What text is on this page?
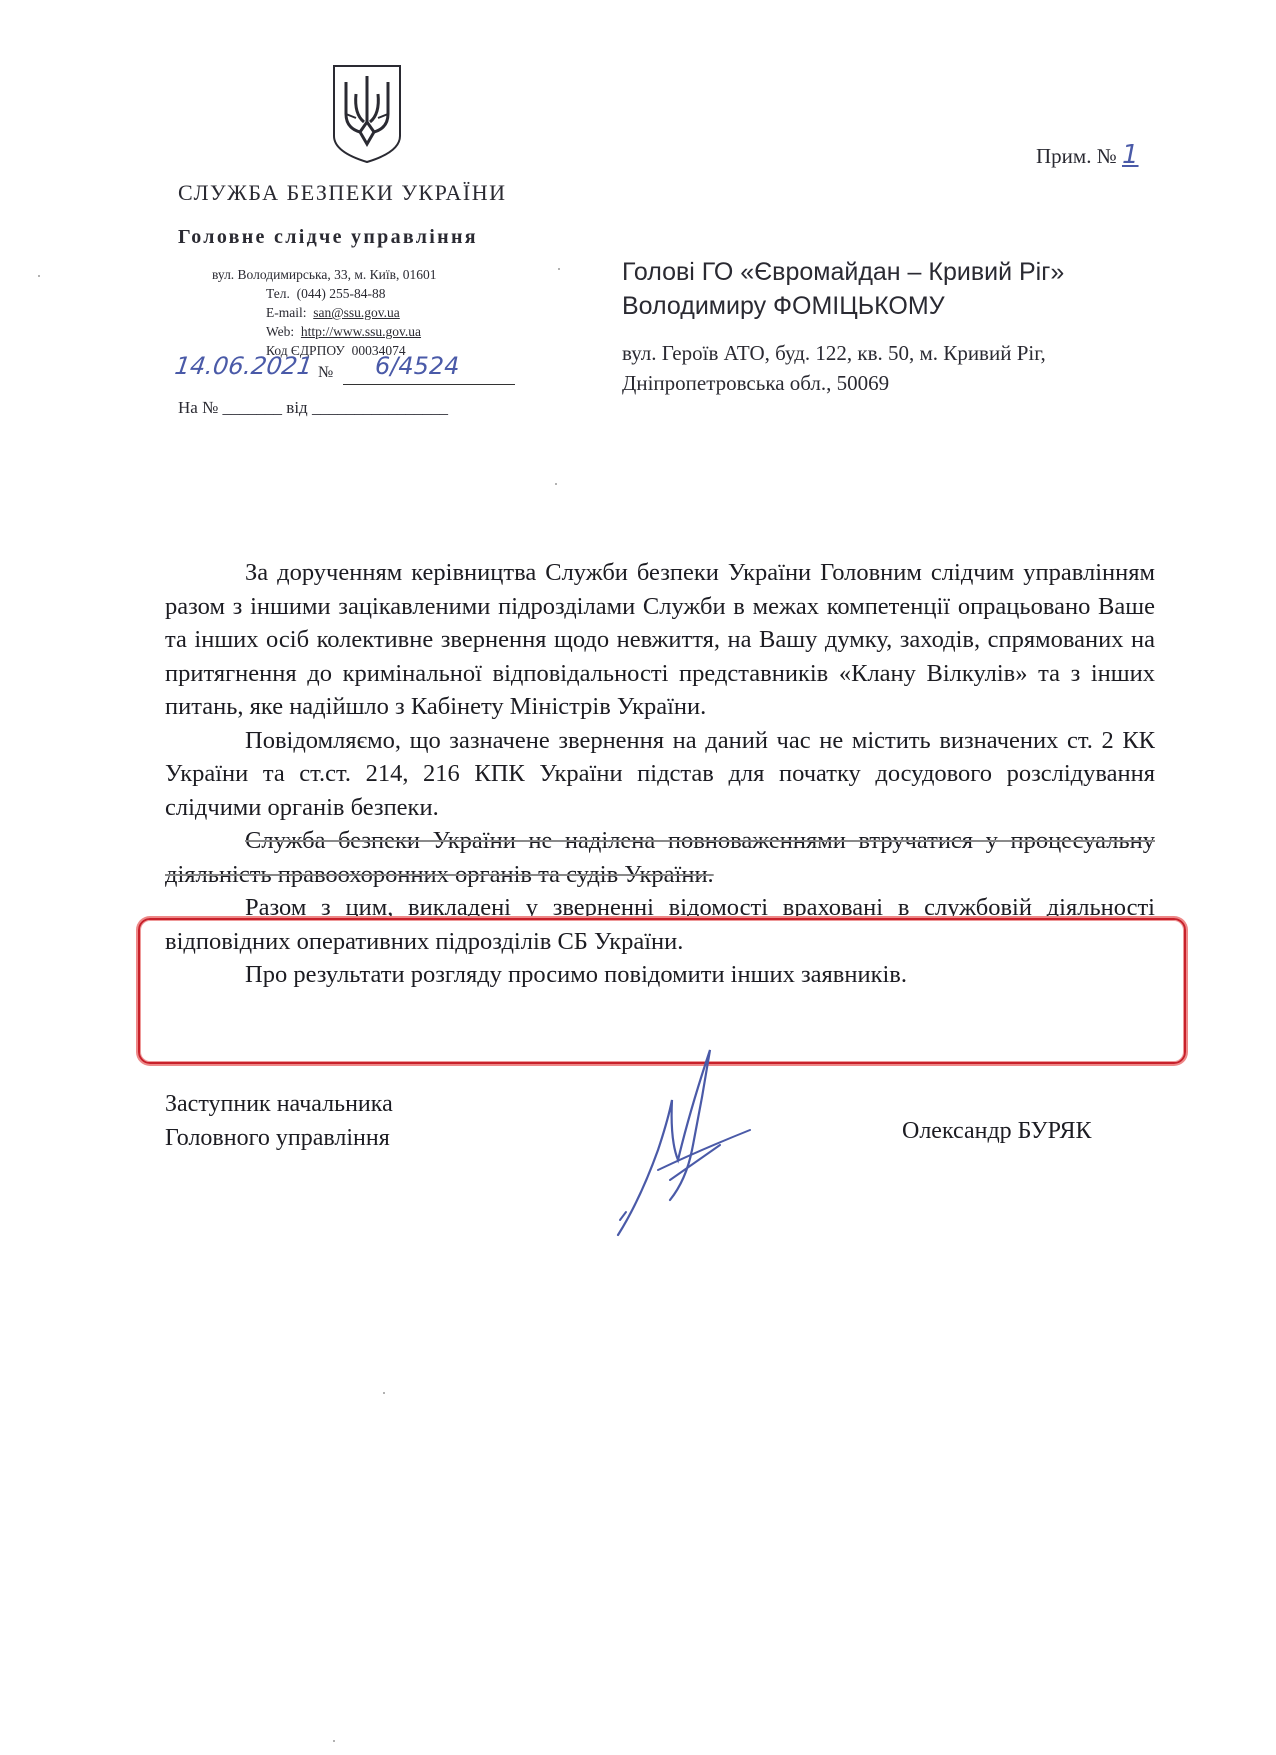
СЛУЖБА БЕЗПЕКИ УКРАЇНИ
Головне слідче управління
вул. Володимирська, 33, м. Київ, 01601
Тел. (044) 255-84-88
E-mail: san@ssu.gov.ua
Web: http://www.ssu.gov.ua
Код ЄДРПОУ 00034074
14.06.2021 № 6/4524
На № _______ від ________________
Прим. № 1
Голові ГО «Євромайдан – Кривий Ріг»
Володимиру ФОМІЦЬКОМУ
вул. Героїв АТО, буд. 122, кв. 50, м. Кривий Ріг,
Дніпропетровська обл., 50069

За дорученням керівництва Служби безпеки України Головним слідчим управлінням разом з іншими зацікавленими підрозділами Служби в межах компетенції опрацьовано Ваше та інших осіб колективне звернення щодо невжиття, на Вашу думку, заходів, спрямованих на притягнення до кримінальної відповідальності представників «Клану Вілкулів» та з інших питань, яке надійшло з Кабінету Міністрів України.

Повідомляємо, що зазначене звернення на даний час не містить визначених ст. 2 КК України та ст.ст. 214, 216 КПК України підстав для початку досудового розслідування слідчими органів безпеки.

Служба безпеки України не наділена повноваженнями втручатися у процесуальну діяльність правоохоронних органів та судів України.

Разом з цим, викладені у зверненні відомості враховані в службовій діяльності відповідних оперативних підрозділів СБ України.

Про результати розгляду просимо повідомити інших заявників.

Заступник начальника
Головного управління	Олександр БУРЯК
